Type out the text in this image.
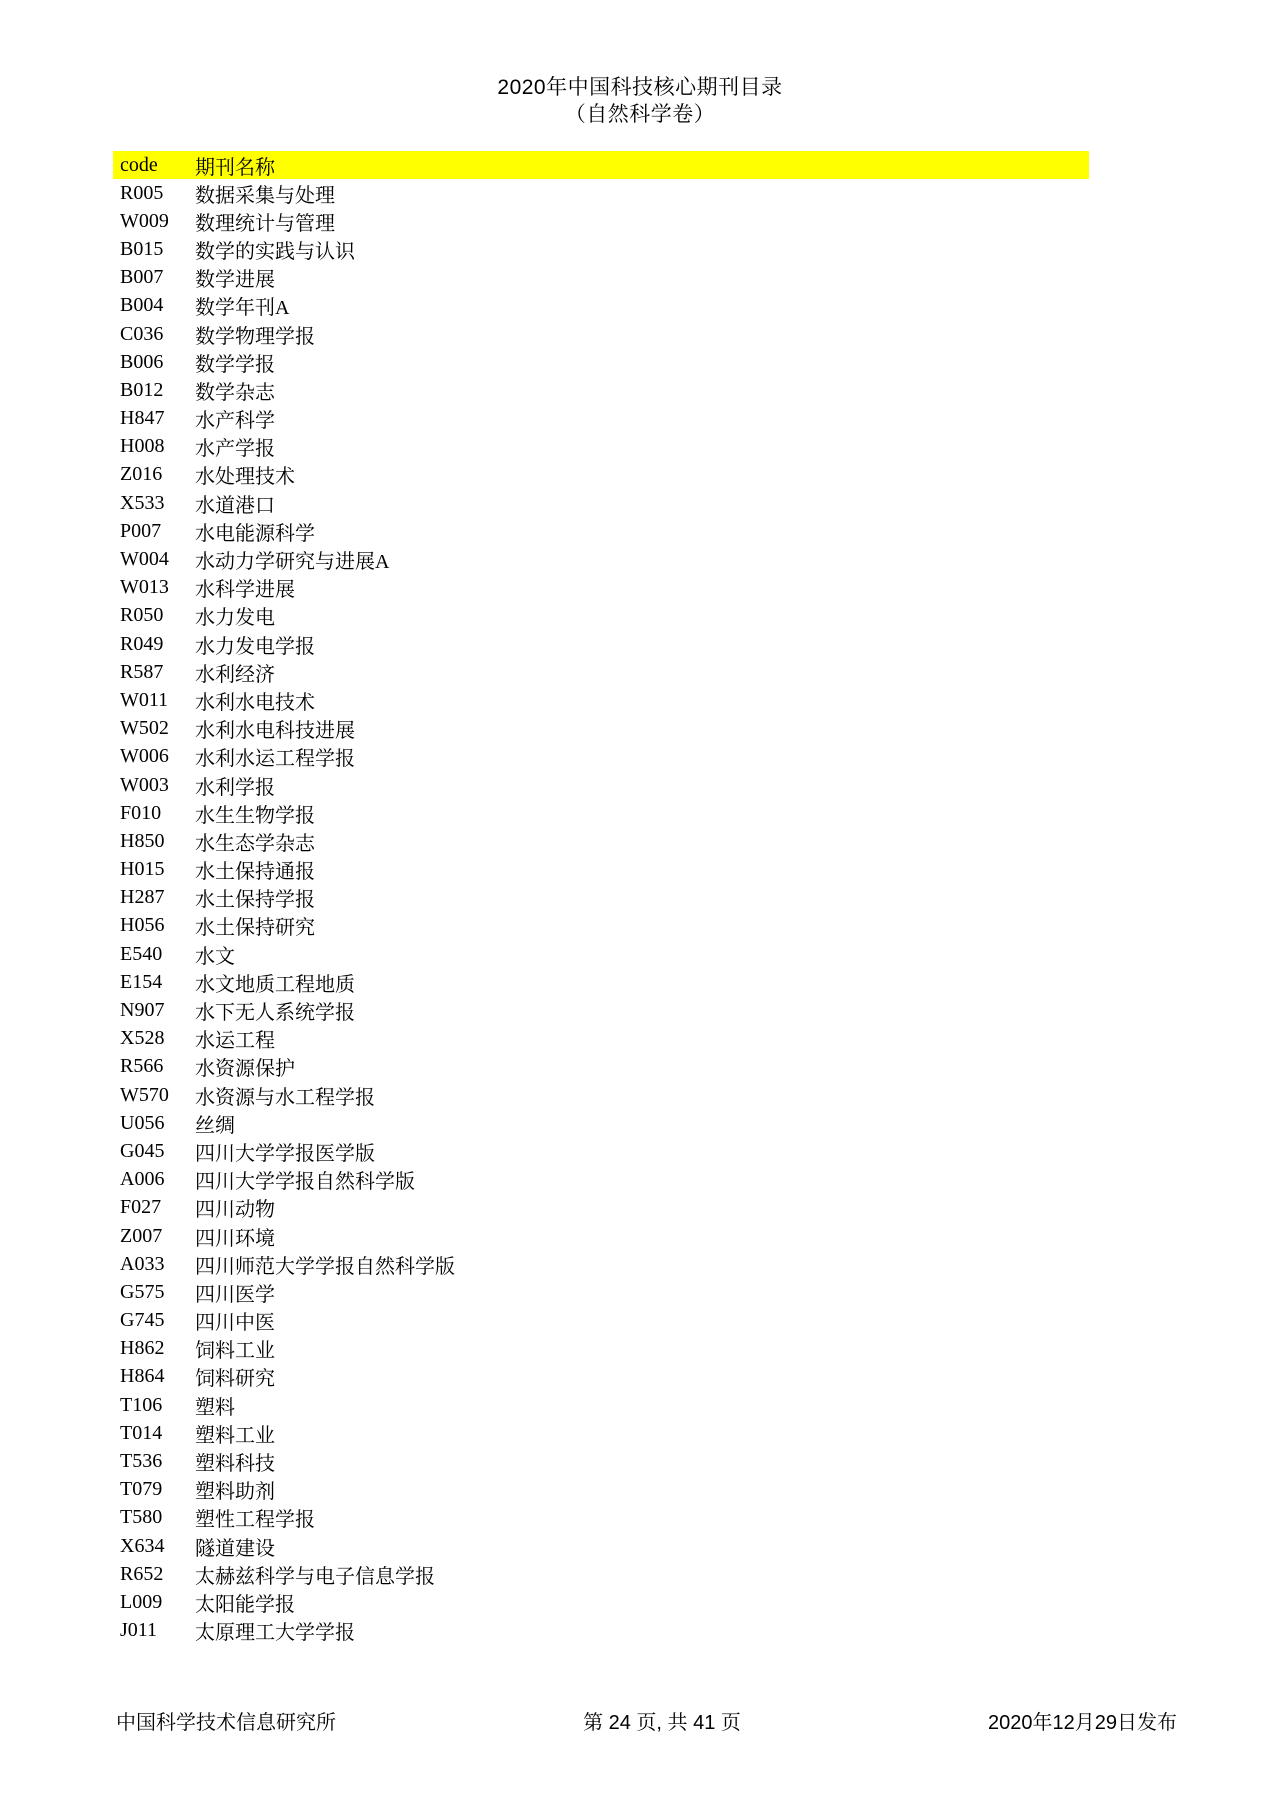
2020年中国科技核心期刊目录
（自然科学卷）
code	期刊名称
R005	数据采集与处理
W009	数理统计与管理
B015	数学的实践与认识
B007	数学进展
B004	数学年刊A
C036	数学物理学报
B006	数学学报
B012	数学杂志
H847	水产科学
H008	水产学报
Z016	水处理技术
X533	水道港口
P007	水电能源科学
W004	水动力学研究与进展A
W013	水科学进展
R050	水力发电
R049	水力发电学报
R587	水利经济
W011	水利水电技术
W502	水利水电科技进展
W006	水利水运工程学报
W003	水利学报
F010	水生生物学报
H850	水生态学杂志
H015	水土保持通报
H287	水土保持学报
H056	水土保持研究
E540	水文
E154	水文地质工程地质
N907	水下无人系统学报
X528	水运工程
R566	水资源保护
W570	水资源与水工程学报
U056	丝绸
G045	四川大学学报医学版
A006	四川大学学报自然科学版
F027	四川动物
Z007	四川环境
A033	四川师范大学学报自然科学版
G575	四川医学
G745	四川中医
H862	饲料工业
H864	饲料研究
T106	塑料
T014	塑料工业
T536	塑料科技
T079	塑料助剂
T580	塑性工程学报
X634	隧道建设
R652	太赫兹科学与电子信息学报
L009	太阳能学报
J011	太原理工大学学报
中国科学技术信息研究所	第 24 页, 共 41 页	2020年12月29日发布
